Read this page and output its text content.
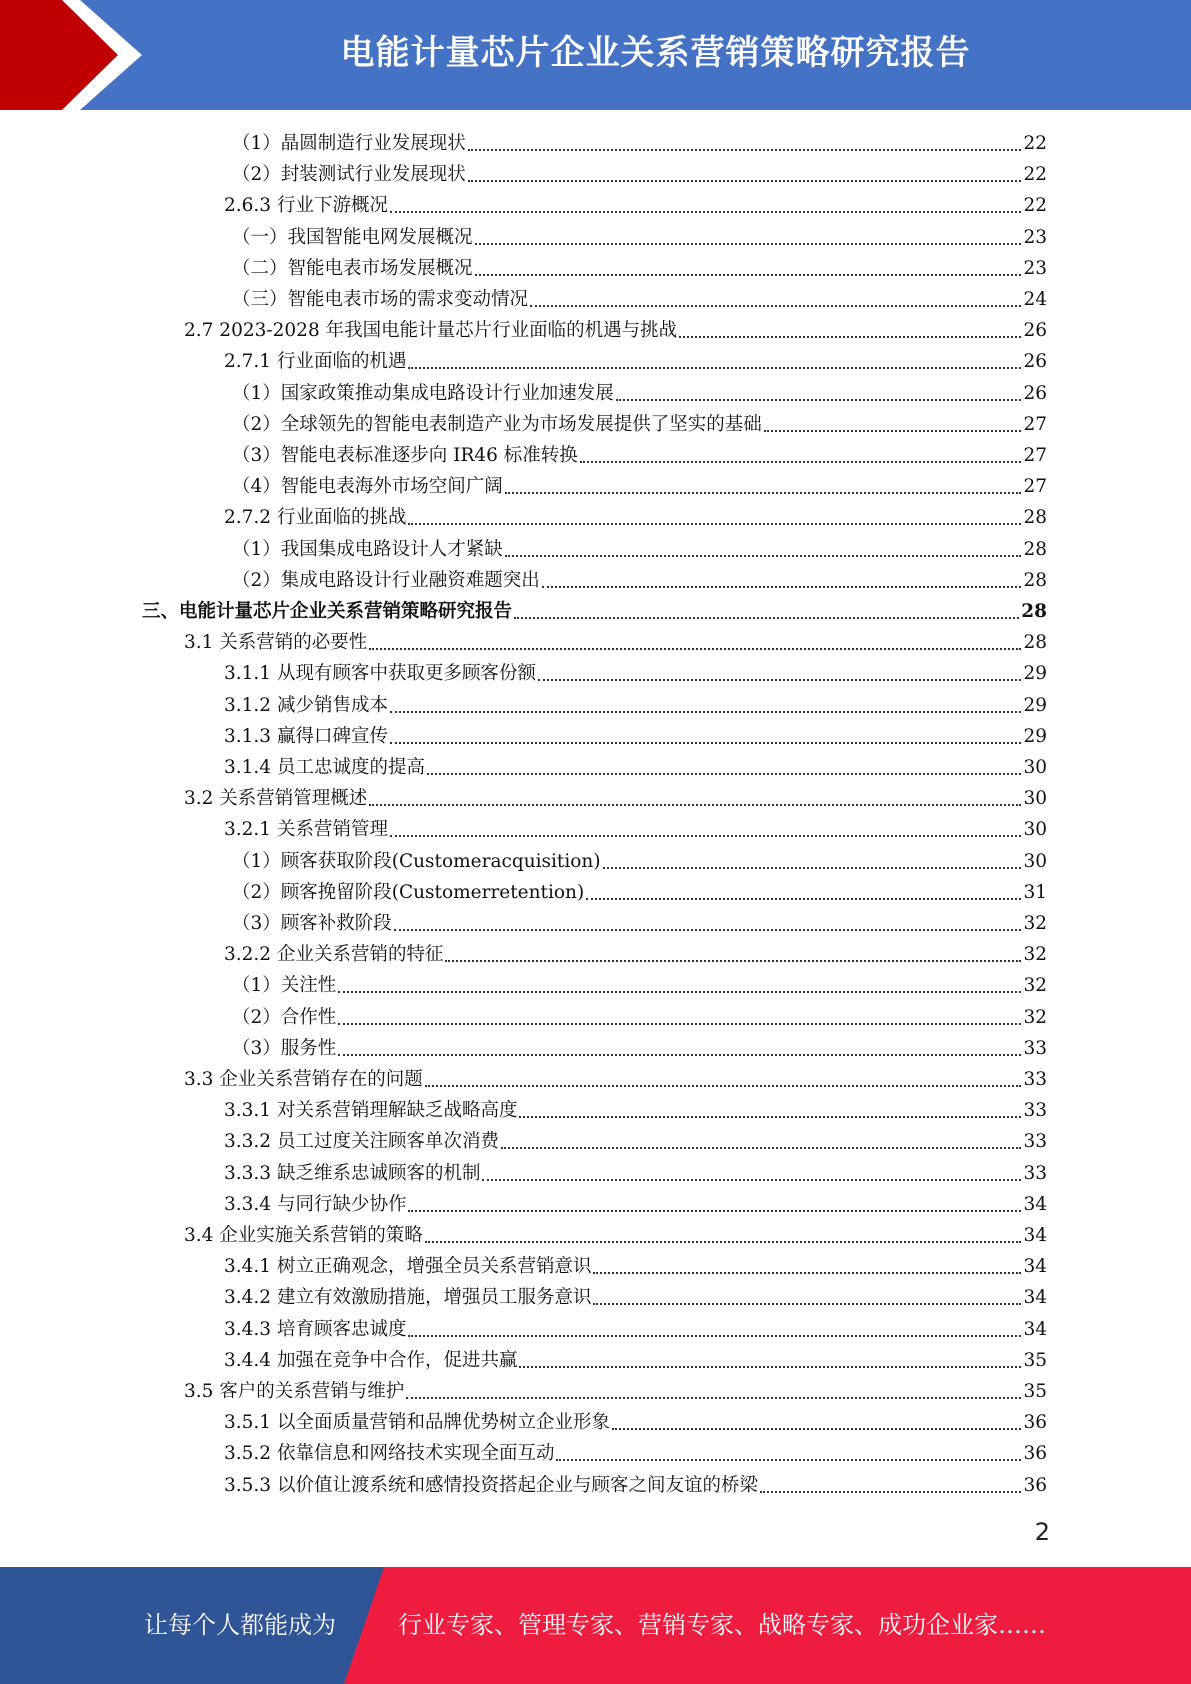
电能计量芯片企业关系营销策略研究报告
（1）晶圆制造行业发展现状	22
（2）封装测试行业发展现状	22
2.6.3 行业下游概况	22
（一）我国智能电网发展概况	23
（二）智能电表市场发展概况	23
（三）智能电表市场的需求变动情况	24
2.7 2023-2028 年我国电能计量芯片行业面临的机遇与挑战	26
2.7.1 行业面临的机遇	26
（1）国家政策推动集成电路设计行业加速发展	26
（2）全球领先的智能电表制造产业为市场发展提供了坚实的基础	27
（3）智能电表标准逐步向 IR46 标准转换	27
（4）智能电表海外市场空间广阔	27
2.7.2 行业面临的挑战	28
（1）我国集成电路设计人才紧缺	28
（2）集成电路设计行业融资难题突出	28
三、电能计量芯片企业关系营销策略研究报告	28
3.1 关系营销的必要性	28
3.1.1 从现有顾客中获取更多顾客份额	29
3.1.2 减少销售成本	29
3.1.3 赢得口碑宣传	29
3.1.4 员工忠诚度的提高	30
3.2 关系营销管理概述	30
3.2.1 关系营销管理	30
（1）顾客获取阶段(Customeracquisition)	30
（2）顾客挽留阶段(Customerretention)	31
（3）顾客补救阶段	32
3.2.2 企业关系营销的特征	32
（1）关注性	32
（2）合作性	32
（3）服务性	33
3.3 企业关系营销存在的问题	33
3.3.1 对关系营销理解缺乏战略高度	33
3.3.2 员工过度关注顾客单次消费	33
3.3.3 缺乏维系忠诚顾客的机制	33
3.3.4 与同行缺少协作	34
3.4 企业实施关系营销的策略	34
3.4.1 树立正确观念，增强全员关系营销意识	34
3.4.2 建立有效激励措施，增强员工服务意识	34
3.4.3 培育顾客忠诚度	34
3.4.4 加强在竞争中合作，促进共赢	35
3.5 客户的关系营销与维护	35
3.5.1 以全面质量营销和品牌优势树立企业形象	36
3.5.2 依靠信息和网络技术实现全面互动	36
3.5.3 以价值让渡系统和感情投资搭起企业与顾客之间友谊的桥梁	36
2
让每个人都能成为	行业专家、管理专家、营销专家、战略专家、成功企业家……
